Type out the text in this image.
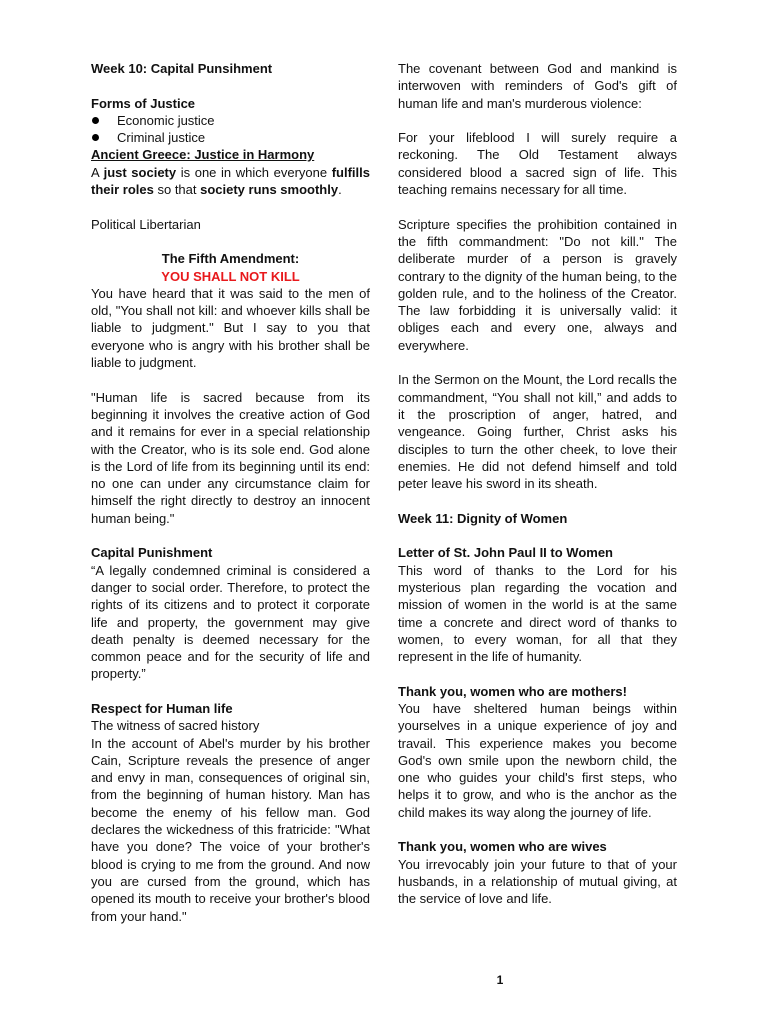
Week 10: Capital Punsihment

Forms of Justice

Economic justice
Criminal justice

Ancient Greece: Justice in Harmony

A just society is one in which everyone fulfills their roles so that society runs smoothly.

Political Libertarian

The Fifth Amendment:

YOU SHALL NOT KILL

You have heard that it was said to the men of old, "You shall not kill: and whoever kills shall be liable to judgment." But I say to you that everyone who is angry with his brother shall be liable to judgment.

"Human life is sacred because from its beginning it involves the creative action of God and it remains for ever in a special relationship with the Creator, who is its sole end. God alone is the Lord of life from its beginning until its end: no one can under any circumstance claim for himself the right directly to destroy an innocent human being."

Capital Punishment

“A legally condemned criminal is considered a danger to social order. Therefore, to protect the rights of its citizens and to protect it corporate life and property, the government may give death penalty is deemed necessary for the common peace and for the security of life and property.”

Respect for Human life

The witness of sacred history

In the account of Abel's murder by his brother Cain, Scripture reveals the presence of anger and envy in man, consequences of original sin, from the beginning of human history. Man has become the enemy of his fellow man. God declares the wickedness of this fratricide: "What have you done? The voice of your brother's blood is crying to me from the ground. And now you are cursed from the ground, which has opened its mouth to receive your brother's blood from your hand."

The covenant between God and mankind is interwoven with reminders of God's gift of human life and man's murderous violence:

For your lifeblood I will surely require a reckoning. The Old Testament always considered blood a sacred sign of life. This teaching remains necessary for all time.

Scripture specifies the prohibition contained in the fifth commandment: "Do not kill." The deliberate murder of a person is gravely contrary to the dignity of the human being, to the golden rule, and to the holiness of the Creator. The law forbidding it is universally valid: it obliges each and every one, always and everywhere.

In the Sermon on the Mount, the Lord recalls the commandment, “You shall not kill,” and adds to it the proscription of anger, hatred, and vengeance. Going further, Christ asks his disciples to turn the other cheek, to love their enemies. He did not defend himself and told peter leave his sword in its sheath.

Week 11: Dignity of Women

Letter of St. John Paul II to Women

This word of thanks to the Lord for his mysterious plan regarding the vocation and mission of women in the world is at the same time a concrete and direct word of thanks to women, to every woman, for all that they represent in the life of humanity.

Thank you, women who are mothers!

You have sheltered human beings within yourselves in a unique experience of joy and travail. This experience makes you become God's own smile upon the newborn child, the one who guides your child's first steps, who helps it to grow, and who is the anchor as the child makes its way along the journey of life.

Thank you, women who are wives

You irrevocably join your future to that of your husbands, in a relationship of mutual giving, at the service of love and life.

1
